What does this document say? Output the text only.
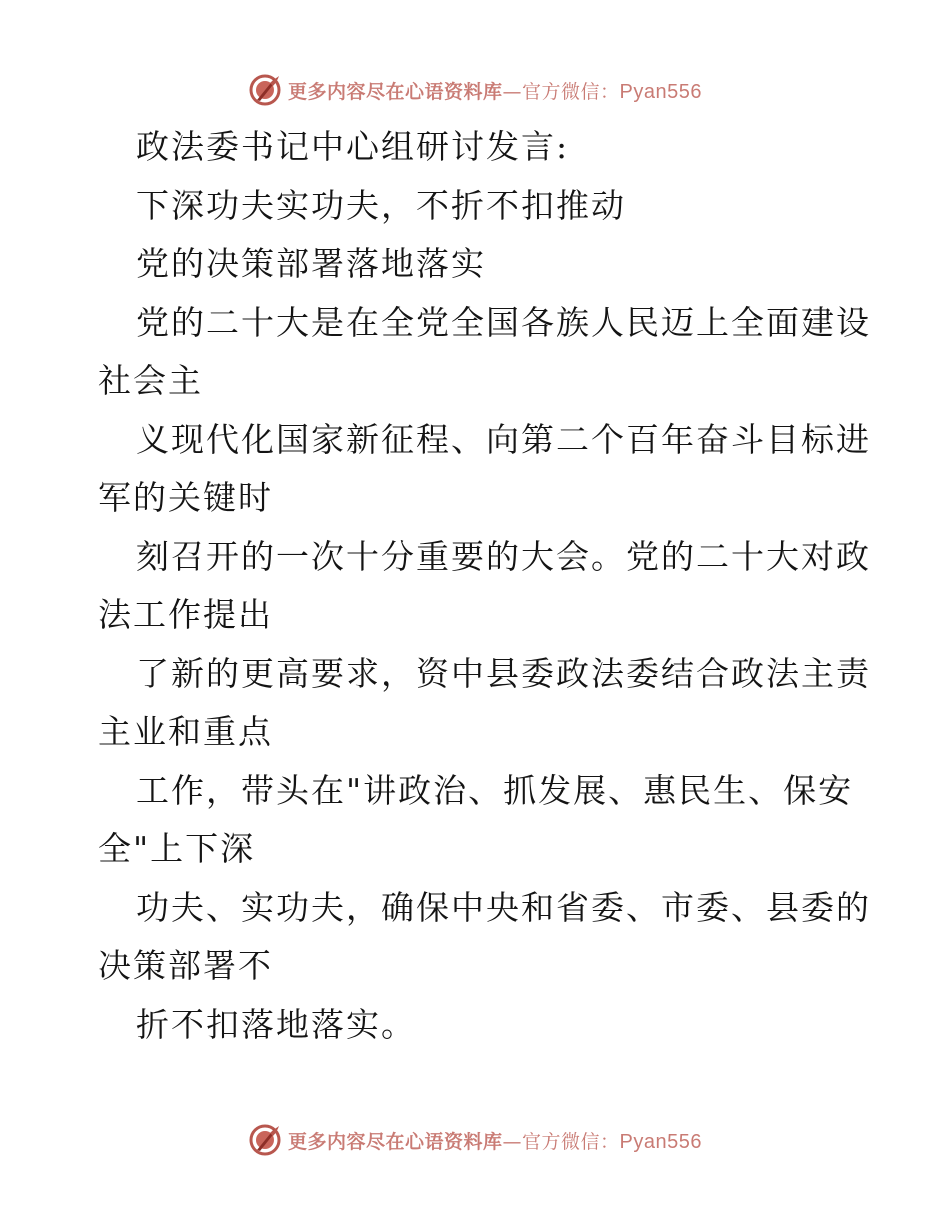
更多内容尽在心语资料库—官方微信：Pyan556
政法委书记中心组研讨发言:
下深功夫实功夫，不折不扣推动
党的决策部署落地落实
党的二十大是在全党全国各族人民迈上全面建设
社会主
义现代化国家新征程、向第二个百年奋斗目标进
军的关键时
刻召开的一次十分重要的大会。党的二十大对政
法工作提出
了新的更高要求，资中县委政法委结合政法主责
主业和重点
工作，带头在"讲政治、抓发展、惠民生、保安
全"上下深
功夫、实功夫，确保中央和省委、市委、县委的
决策部署不
折不扣落地落实。
更多内容尽在心语资料库—官方微信：Pyan556
